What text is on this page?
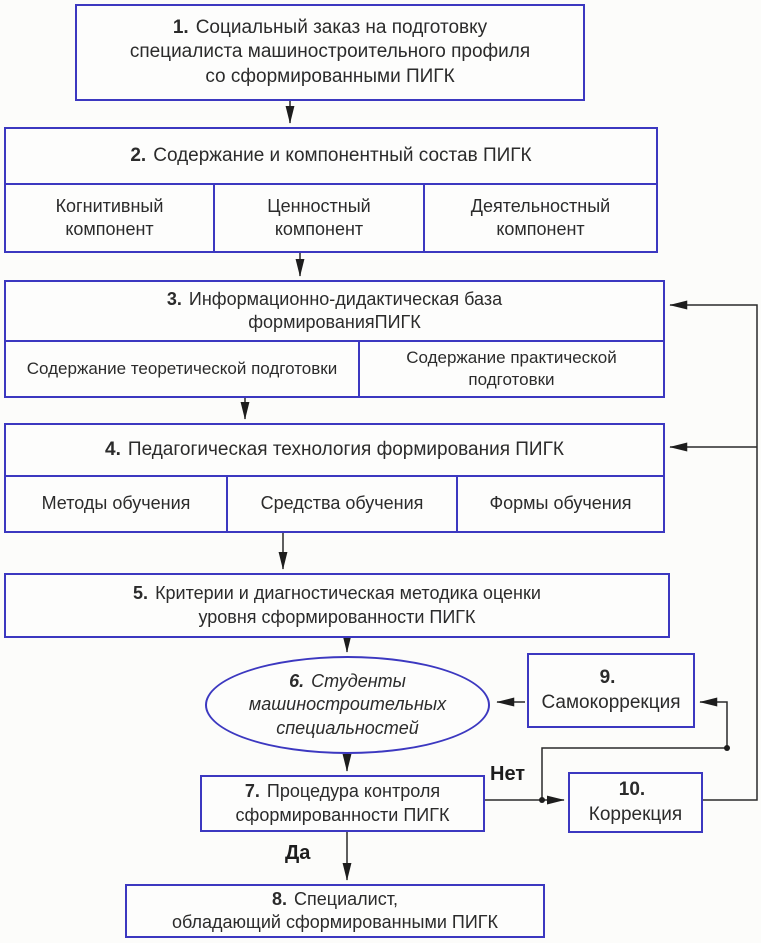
1. Социальный заказ на подготовку
специалиста машиностроительного профиля
со сформированными ПИГК
2. Содержание и компонентный состав ПИГК
Когнитивный компонент
Ценностный компонент
Деятельностный компонент
3. Информационно-дидактическая база
формированияПИГК
Содержание теоретической подготовки
Содержание практической подготовки
4. Педагогическая технология формирования ПИГК
Методы обучения	Средства обучения	Формы обучения
5. Критерии и диагностическая методика оценки
уровня сформированности ПИГК
6. Студенты
машиностроительных
специальностей
9.
Самокоррекция
7. Процедура контроля
сформированности ПИГК
10.
Коррекция
8. Специалист,
обладающий сформированными ПИГК
Нет
Да
